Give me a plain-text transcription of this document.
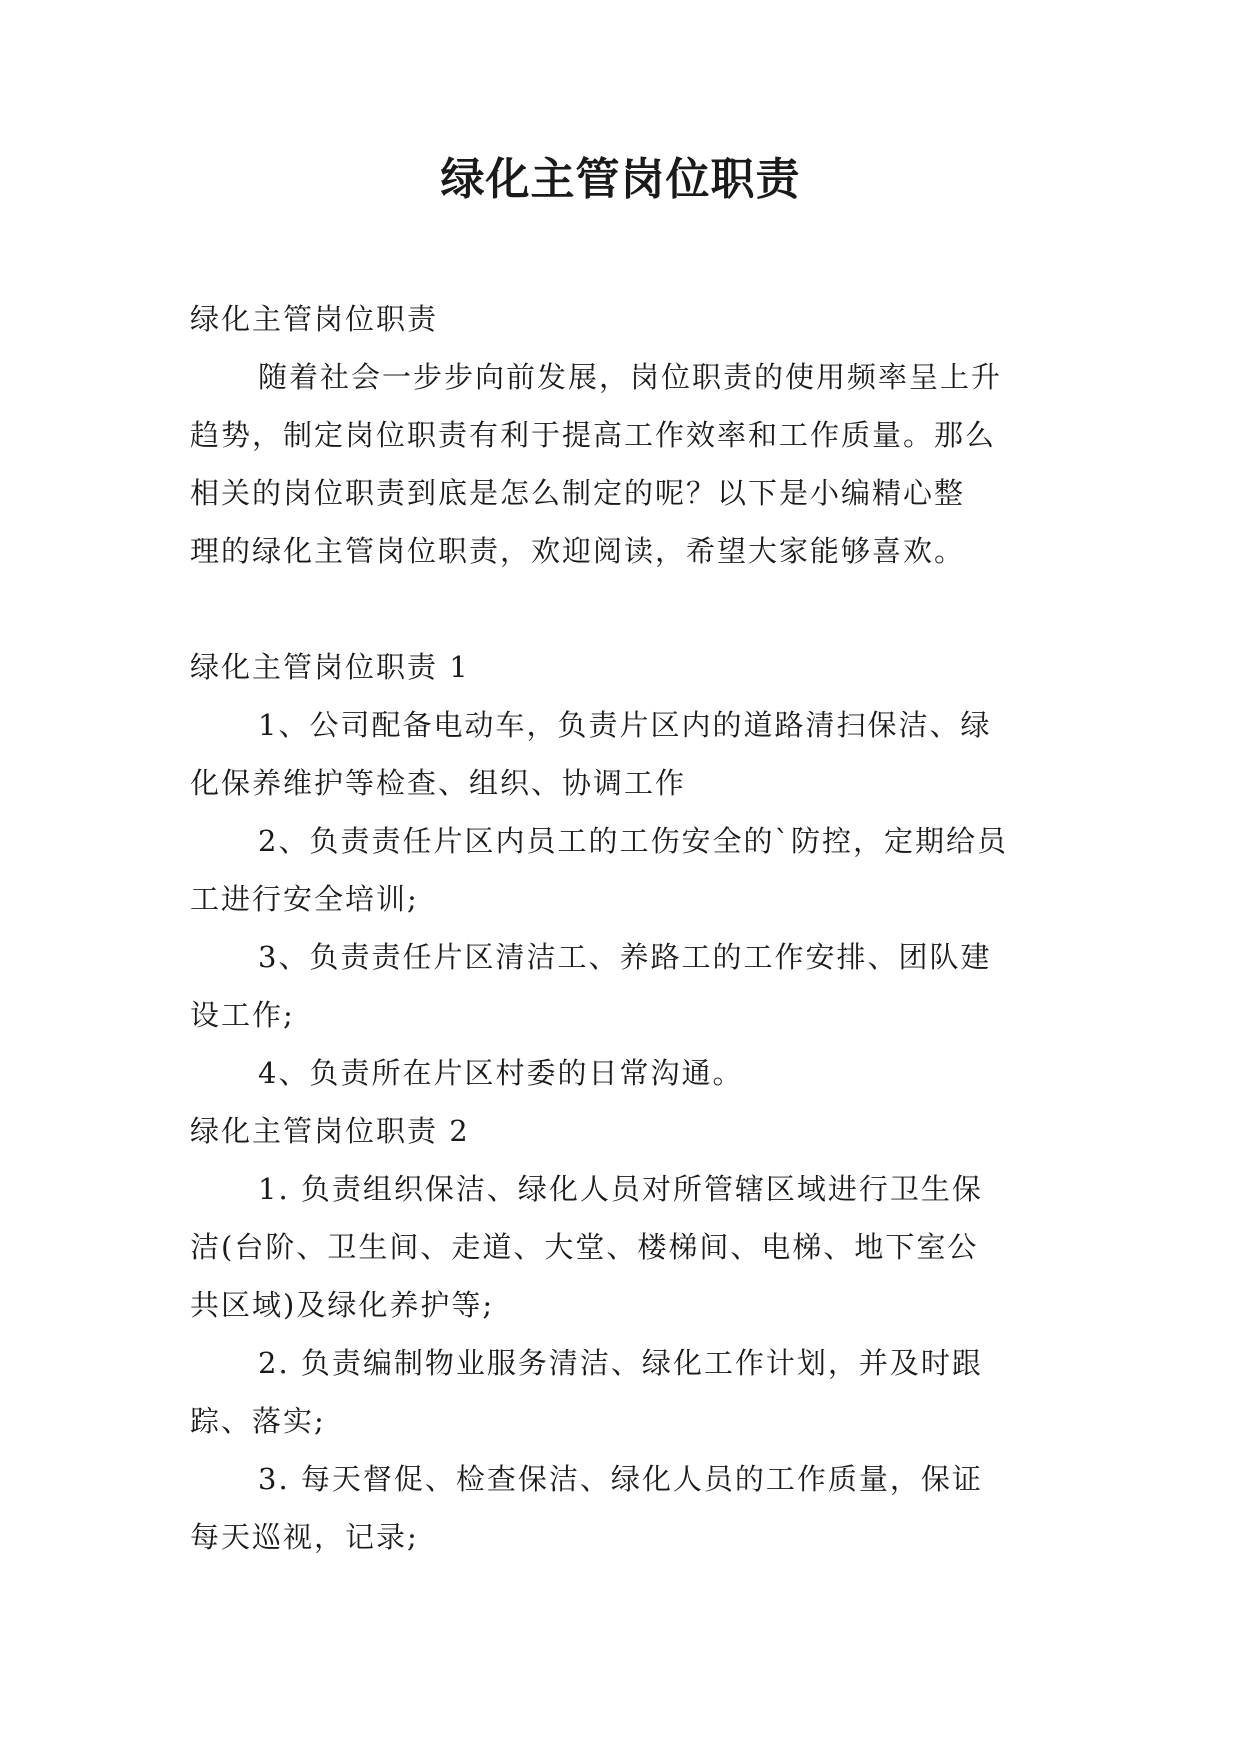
绿化主管岗位职责
绿化主管岗位职责
随着社会一步步向前发展，岗位职责的使用频率呈上升
趋势，制定岗位职责有利于提高工作效率和工作质量。那么
相关的岗位职责到底是怎么制定的呢？以下是小编精心整
理的绿化主管岗位职责，欢迎阅读，希望大家能够喜欢。
绿化主管岗位职责 1
1、公司配备电动车，负责片区内的道路清扫保洁、绿
化保养维护等检查、组织、协调工作
2、负责责任片区内员工的工伤安全的`防控，定期给员
工进行安全培训;
3、负责责任片区清洁工、养路工的工作安排、团队建
设工作;
4、负责所在片区村委的日常沟通。
绿化主管岗位职责 2
1. 负责组织保洁、绿化人员对所管辖区域进行卫生保
洁(台阶、卫生间、走道、大堂、楼梯间、电梯、地下室公
共区域)及绿化养护等;
2. 负责编制物业服务清洁、绿化工作计划，并及时跟
踪、落实;
3. 每天督促、检查保洁、绿化人员的工作质量，保证
每天巡视，记录;
